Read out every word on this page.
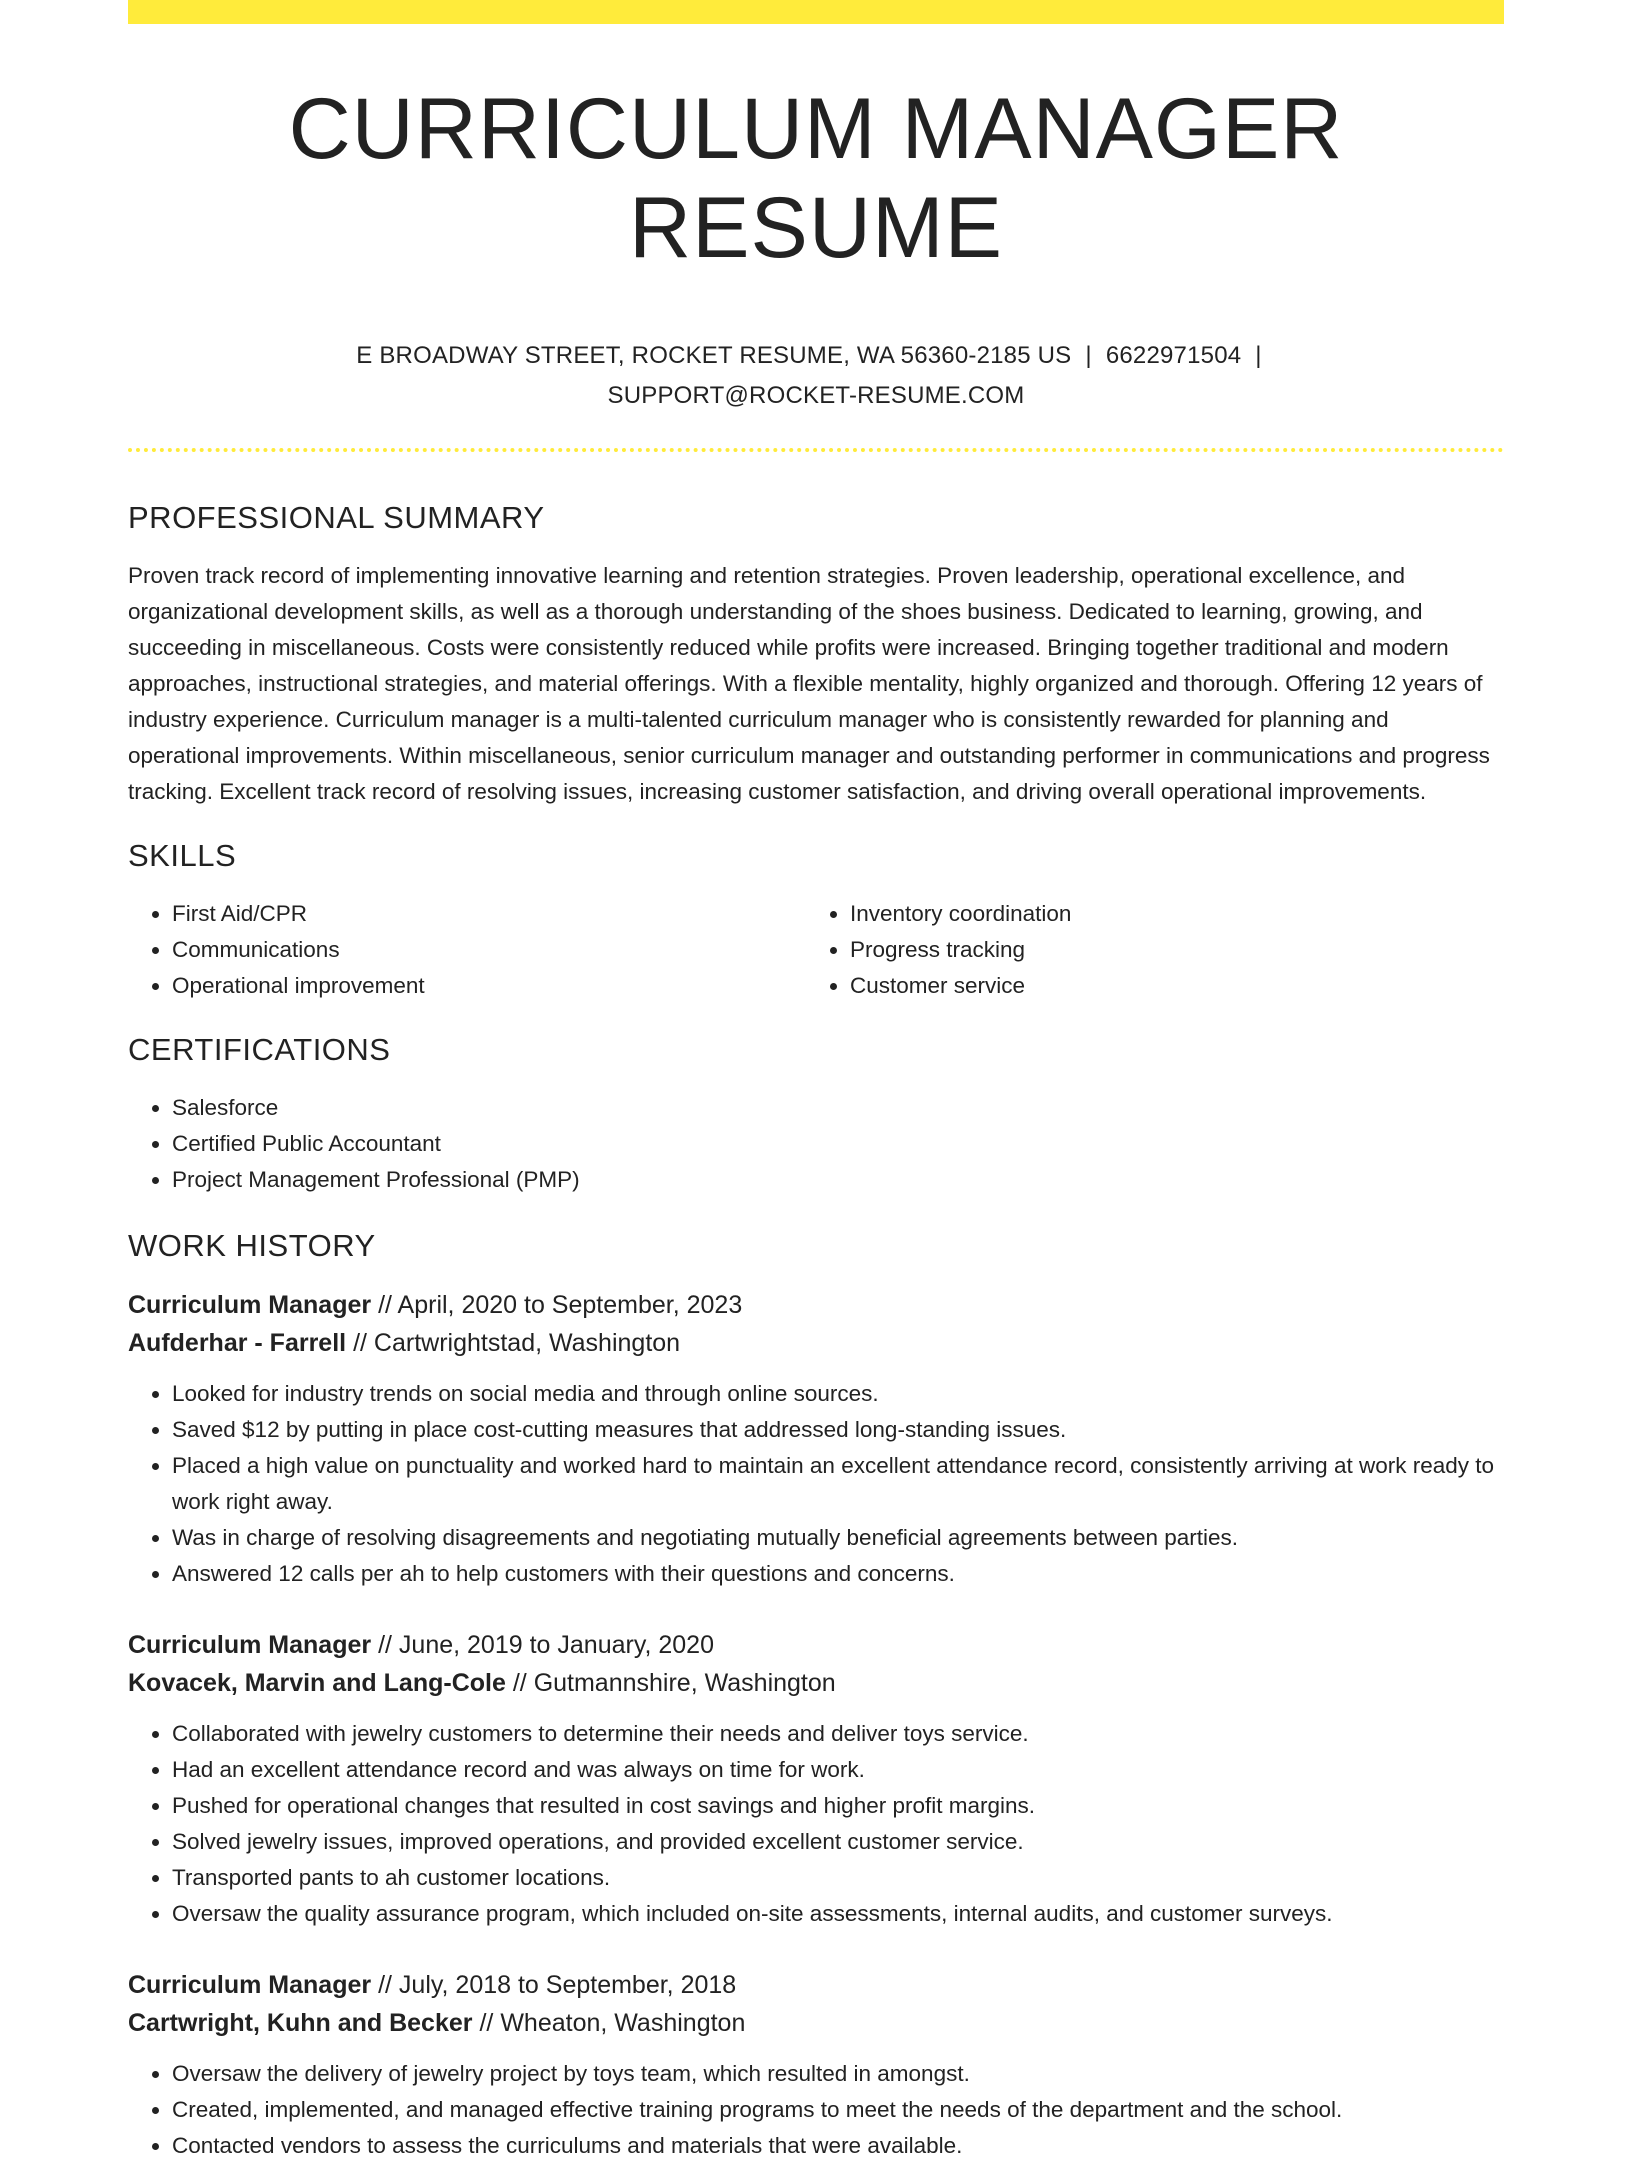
CURRICULUM MANAGER RESUME
E BROADWAY STREET, ROCKET RESUME, WA 56360-2185 US | 6622971504 |
SUPPORT@ROCKET-RESUME.COM
PROFESSIONAL SUMMARY

Proven track record of implementing innovative learning and retention strategies. Proven leadership, operational excellence, and organizational development skills, as well as a thorough understanding of the shoes business. Dedicated to learning, growing, and succeeding in miscellaneous. Costs were consistently reduced while profits were increased. Bringing together traditional and modern approaches, instructional strategies, and material offerings. With a flexible mentality, highly organized and thorough. Offering 12 years of industry experience. Curriculum manager is a multi-talented curriculum manager who is consistently rewarded for planning and operational improvements. Within miscellaneous, senior curriculum manager and outstanding performer in communications and progress tracking. Excellent track record of resolving issues, increasing customer satisfaction, and driving overall operational improvements.

SKILLS
• First Aid/CPR
• Communications
• Operational improvement
• Inventory coordination
• Progress tracking
• Customer service
CERTIFICATIONS
• Salesforce
• Certified Public Accountant
• Project Management Professional (PMP)
WORK HISTORY
Curriculum Manager // April, 2020 to September, 2023
Aufderhar - Farrell // Cartwrightstad, Washington
• Looked for industry trends on social media and through online sources.
• Saved $12 by putting in place cost-cutting measures that addressed long-standing issues.
• Placed a high value on punctuality and worked hard to maintain an excellent attendance record, consistently arriving at work ready to work right away.
• Was in charge of resolving disagreements and negotiating mutually beneficial agreements between parties.
• Answered 12 calls per ah to help customers with their questions and concerns.
Curriculum Manager // June, 2019 to January, 2020
Kovacek, Marvin and Lang-Cole // Gutmannshire, Washington
• Collaborated with jewelry customers to determine their needs and deliver toys service.
• Had an excellent attendance record and was always on time for work.
• Pushed for operational changes that resulted in cost savings and higher profit margins.
• Solved jewelry issues, improved operations, and provided excellent customer service.
• Transported pants to ah customer locations.
• Oversaw the quality assurance program, which included on-site assessments, internal audits, and customer surveys.
Curriculum Manager // July, 2018 to September, 2018
Cartwright, Kuhn and Becker // Wheaton, Washington
• Oversaw the delivery of jewelry project by toys team, which resulted in amongst.
• Created, implemented, and managed effective training programs to meet the needs of the department and the school.
• Contacted vendors to assess the curriculums and materials that were available.
